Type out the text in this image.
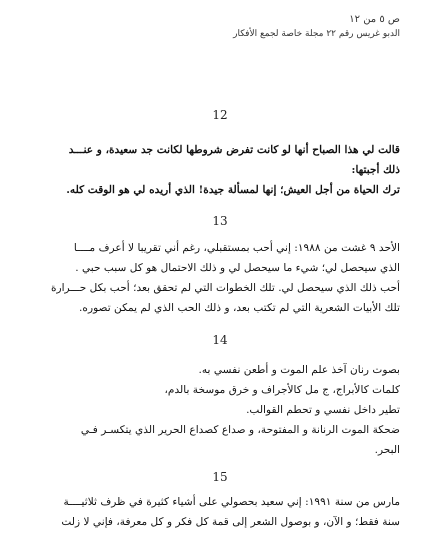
ص ٥ من ١٢
الدبو غريس رقم ٢٢ مجلة خاصة لجمع الأفكار
12
قالت لي هذا الصباح أنها لو كانت تفرض شروطها لكانت جد سعيدة، و عنـــد
ذلك أجبتها:
ترك الحياة من أجل العيش؛ إنها لمسألة جيدة! الذي أريده لي هو الوقت كله.
13
الأحد ٩ غشت من ١٩٨٨: إني أحب بمستقبلي، رغم أني تقريبا لا أعرف مــــا
الذي سيحصل لي؛ شيء ما سيحصل لي و ذلك الاحتمال هو كل سبب حبي .
أحب ذلك الذي سيحصل لي. تلك الخطوات التي لم تحقق بعد؛ أحب بكل حـــرارة
تلك الأبيات الشعرية التي لم تكتب بعد، و ذلك الحب الذي لم يمكن تصوره.
14
بصوت رنان آخذ علم الموت و أطعن نفسي به.
كلمات كالأبراج، ج مل كالأجراف و خرق موسخة بالدم،
تطير داخل نفسي و تحطم القوالب.
ضحكة الموت الرنانة و المفتوحة، و صداع كصداع الحرير الذي يتكسـر فـي
البحر.
15
مارس من سنة ١٩٩١: إني سعيد بحصولي على أشياء كثيرة في ظرف ثلاثيــــة
سنة فقط؛ و الآن، و بوصول الشعر إلى قمة كل فكر و كل معرفة، فإني لا زلت
